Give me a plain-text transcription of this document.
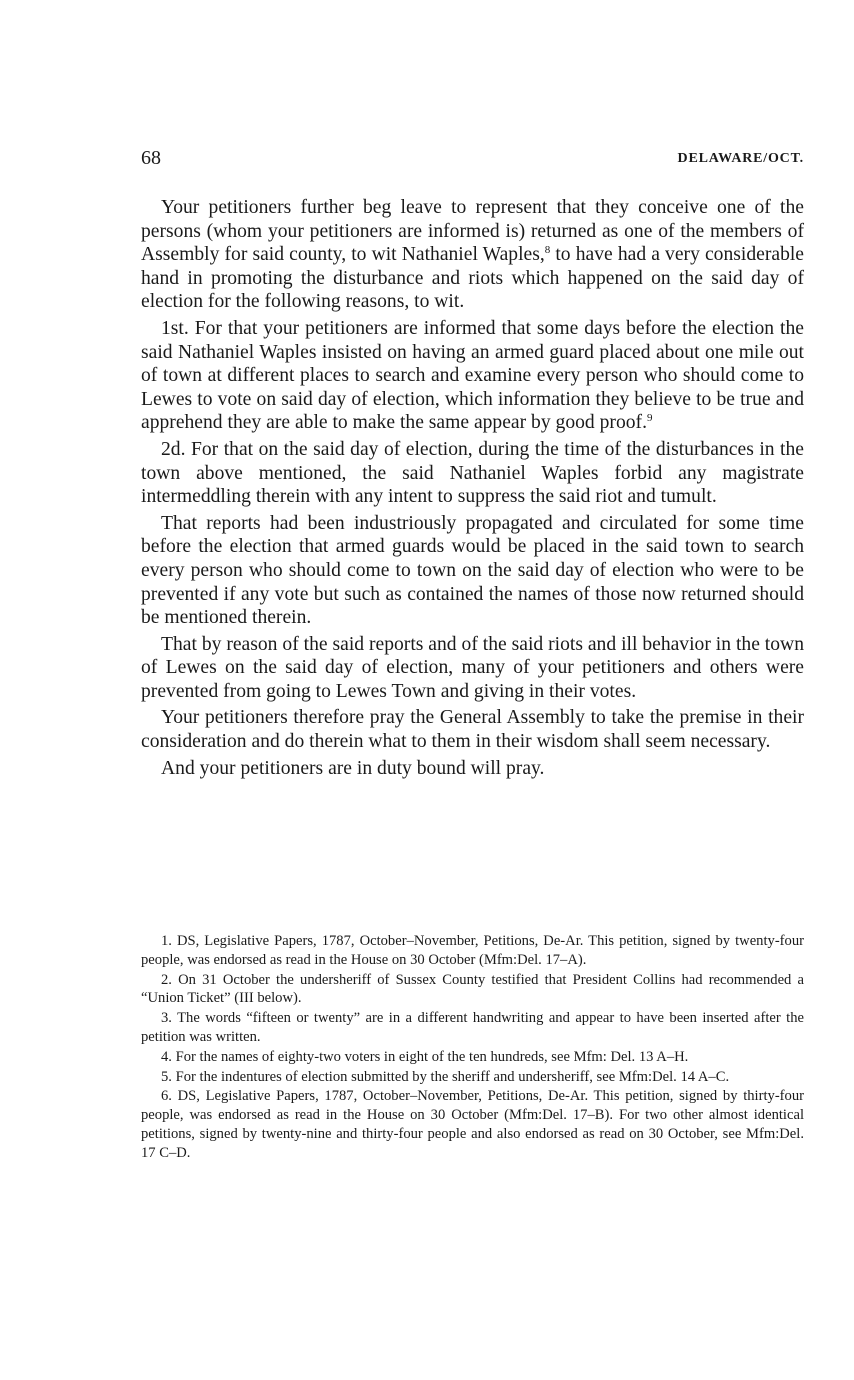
68	DELAWARE/OCT.

Your petitioners further beg leave to represent that they conceive one of the persons (whom your petitioners are informed is) returned as one of the members of Assembly for said county, to wit Nathaniel Waples,$^8$ to have had a very considerable hand in promoting the disturbance and riots which happened on the said day of election for the following reasons, to wit.

1st. For that your petitioners are informed that some days before the election the said Nathaniel Waples insisted on having an armed guard placed about one mile out of town at different places to search and examine every person who should come to Lewes to vote on said day of election, which information they believe to be true and apprehend they are able to make the same appear by good proof.$^9$

2d. For that on the said day of election, during the time of the disturbances in the town above mentioned, the said Nathaniel Waples forbid any magistrate intermeddling therein with any intent to suppress the said riot and tumult.

That reports had been industriously propagated and circulated for some time before the election that armed guards would be placed in the said town to search every person who should come to town on the said day of election who were to be prevented if any vote but such as contained the names of those now returned should be mentioned therein.

That by reason of the said reports and of the said riots and ill behavior in the town of Lewes on the said day of election, many of your petitioners and others were prevented from going to Lewes Town and giving in their votes.

Your petitioners therefore pray the General Assembly to take the premise in their consideration and do therein what to them in their wisdom shall seem necessary.

And your petitioners are in duty bound will pray.

1. DS, Legislative Papers, 1787, October–November, Petitions, De-Ar. This petition, signed by twenty-four people, was endorsed as read in the House on 30 October (Mfm:Del. 17–A).

2. On 31 October the undersheriff of Sussex County testified that President Collins had recommended a “Union Ticket” (III below).

3. The words “fifteen or twenty” are in a different handwriting and appear to have been inserted after the petition was written.

4. For the names of eighty-two voters in eight of the ten hundreds, see Mfm: Del. 13 A–H.

5. For the indentures of election submitted by the sheriff and undersheriff, see Mfm:Del. 14 A–C.

6. DS, Legislative Papers, 1787, October–November, Petitions, De-Ar. This petition, signed by thirty-four people, was endorsed as read in the House on 30 October (Mfm:Del. 17–B). For two other almost identical petitions, signed by twenty-nine and thirty-four people and also endorsed as read on 30 October, see Mfm:Del. 17 C–D.
